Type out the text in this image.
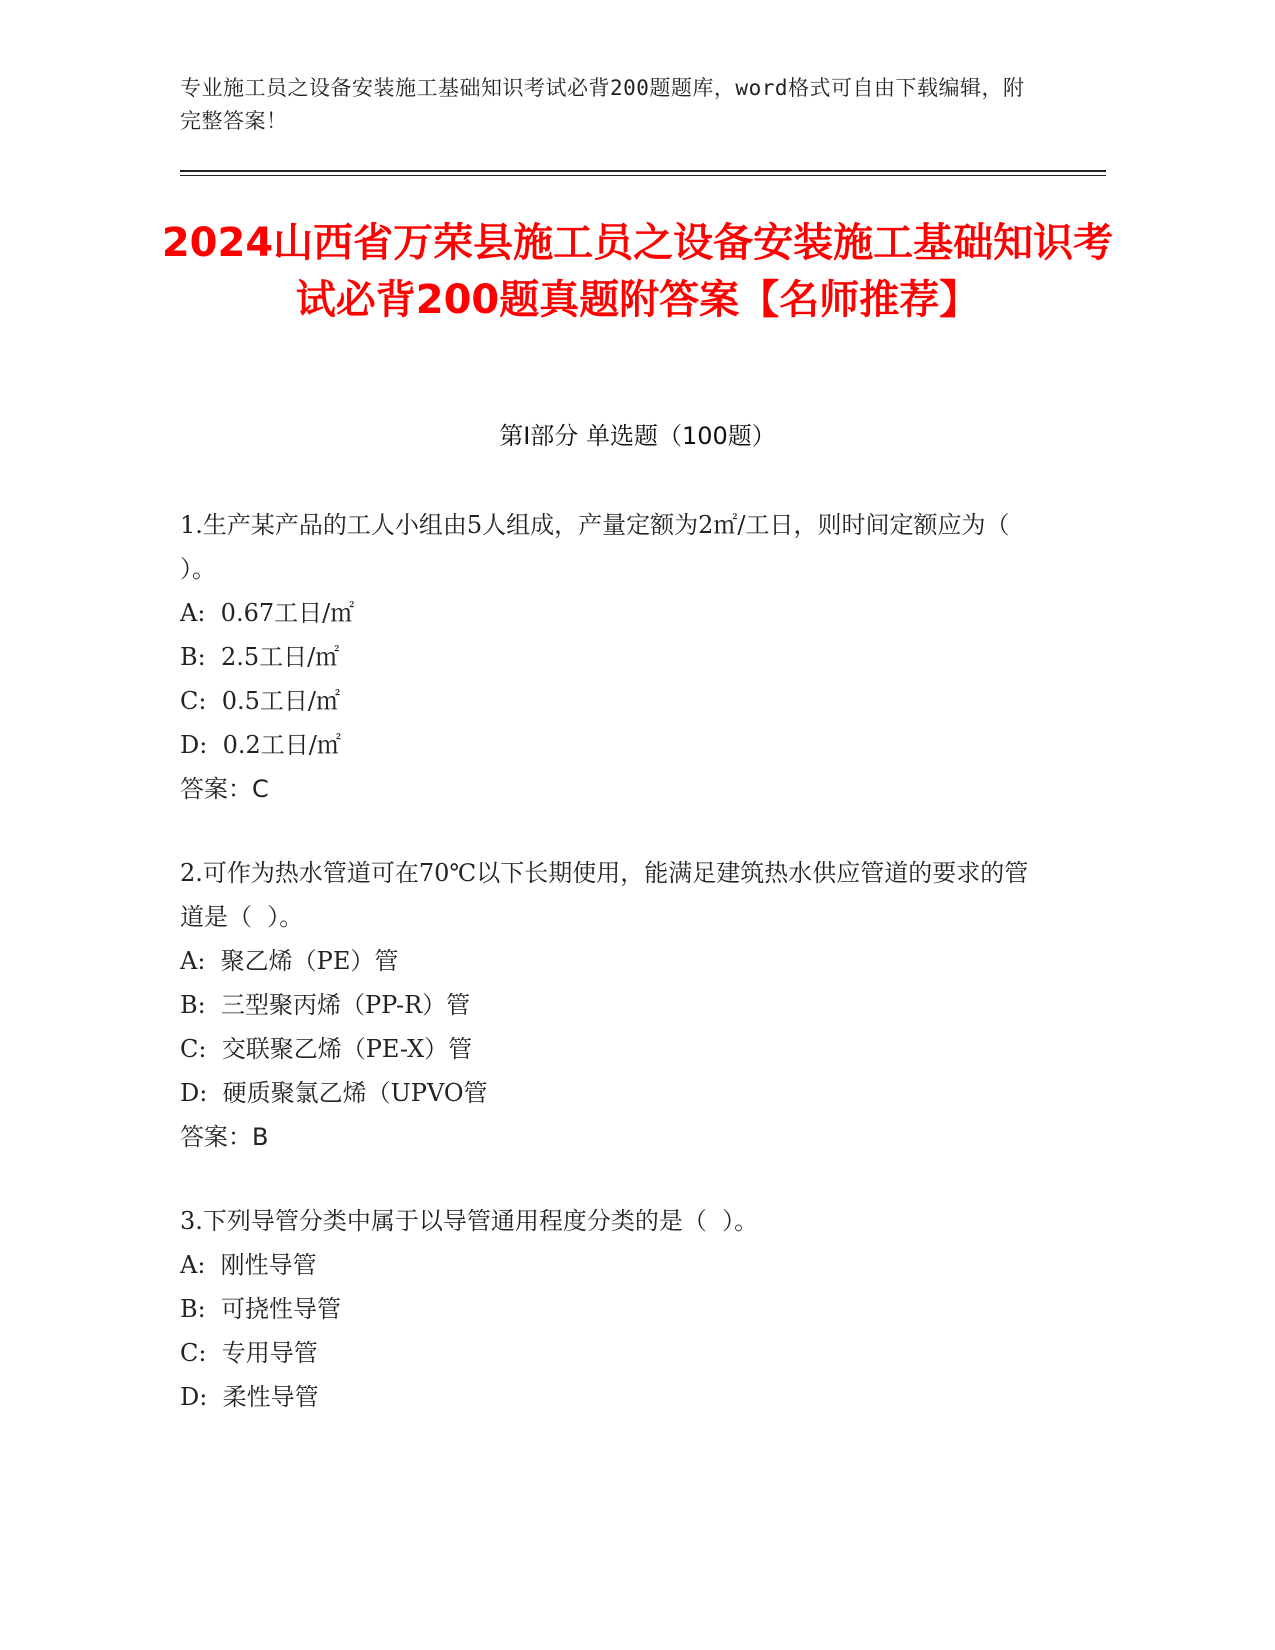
专业施工员之设备安装施工基础知识考试必背200题题库，word格式可自由下载编辑，附完整答案！
2024山西省万荣县施工员之设备安装施工基础知识考试必背200题真题附答案【名师推荐】
第Ⅰ部分 单选题（100题）
1.生产某产品的工人小组由5人组成，产量定额为2㎡/工日，则时间定额应为（  ）。
A:  0.67工日/㎡
B:  2.5工日/㎡
C:  0.5工日/㎡
D:  0.2工日/㎡
答案：C
2.可作为热水管道可在70℃以下长期使用，能满足建筑热水供应管道的要求的管道是（  ）。
A:  聚乙烯（PE）管
B:  三型聚丙烯（PP-R）管
C:  交联聚乙烯（PE-X）管
D:  硬质聚氯乙烯（UPVO管
答案：B
3.下列导管分类中属于以导管通用程度分类的是（  ）。
A:  刚性导管
B:  可挠性导管
C:  专用导管
D:  柔性导管
